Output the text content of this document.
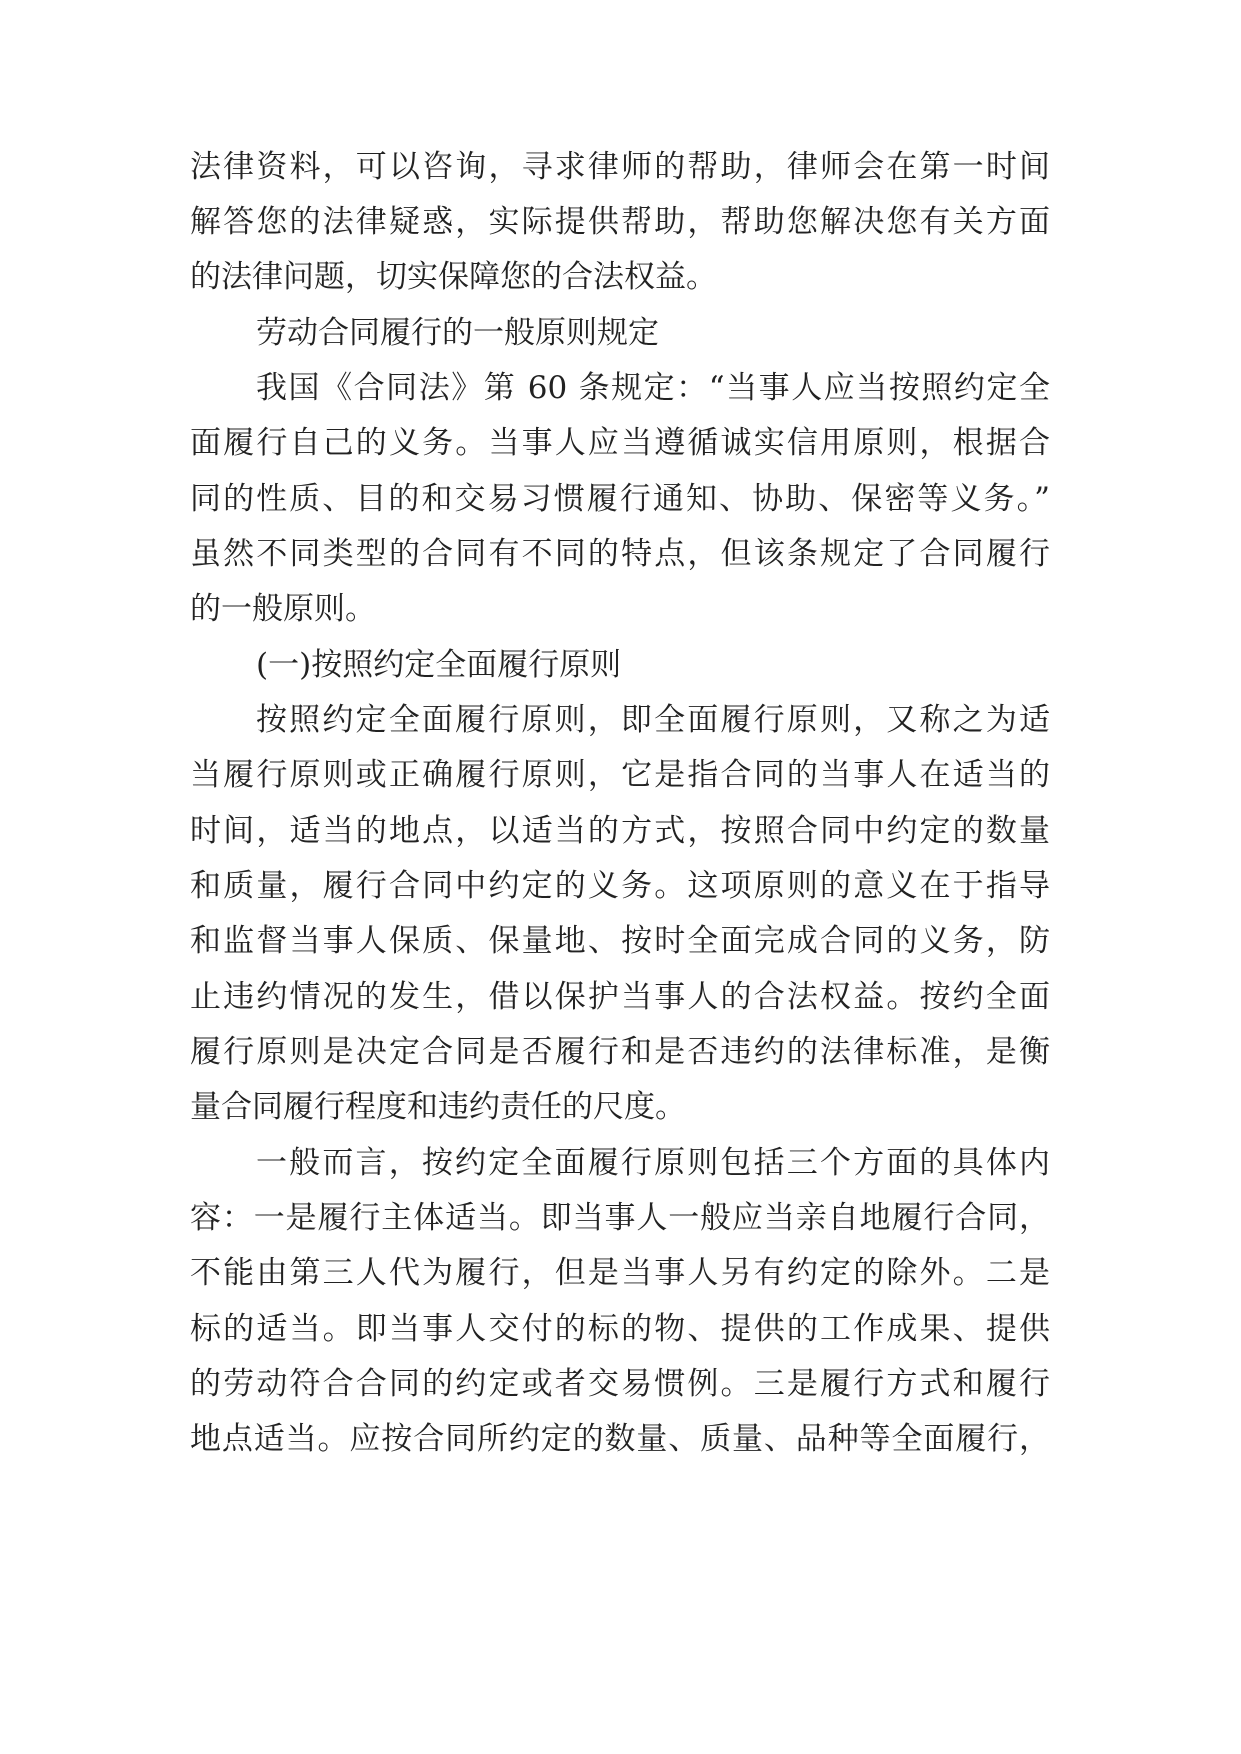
法律资料，可以咨询，寻求律师的帮助，律师会在第一时间
解答您的法律疑惑，实际提供帮助，帮助您解决您有关方面
的法律问题，切实保障您的合法权益。
劳动合同履行的一般原则规定
我国《合同法》第 60 条规定：“当事人应当按照约定全
面履行自己的义务。当事人应当遵循诚实信用原则，根据合
同的性质、目的和交易习惯履行通知、协助、保密等义务。”
虽然不同类型的合同有不同的特点，但该条规定了合同履行
的一般原则。
(一)按照约定全面履行原则
按照约定全面履行原则，即全面履行原则，又称之为适
当履行原则或正确履行原则，它是指合同的当事人在适当的
时间，适当的地点，以适当的方式，按照合同中约定的数量
和质量，履行合同中约定的义务。这项原则的意义在于指导
和监督当事人保质、保量地、按时全面完成合同的义务，防
止违约情况的发生，借以保护当事人的合法权益。按约全面
履行原则是决定合同是否履行和是否违约的法律标准，是衡
量合同履行程度和违约责任的尺度。
一般而言，按约定全面履行原则包括三个方面的具体内
容：一是履行主体适当。即当事人一般应当亲自地履行合同，
不能由第三人代为履行，但是当事人另有约定的除外。二是
标的适当。即当事人交付的标的物、提供的工作成果、提供
的劳动符合合同的约定或者交易惯例。三是履行方式和履行
地点适当。应按合同所约定的数量、质量、品种等全面履行，
